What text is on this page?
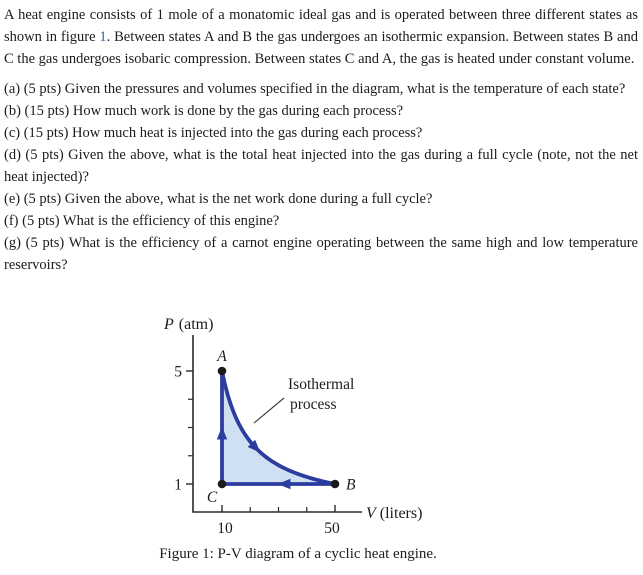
A heat engine consists of 1 mole of a monatomic ideal gas and is operated between three different states as shown in figure 1. Between states A and B the gas undergoes an isothermic expansion. Between states B and C the gas undergoes isobaric compression. Between states C and A, the gas is heated under constant volume.

(a) (5 pts) Given the pressures and volumes specified in the diagram, what is the temperature of each state?

(b) (15 pts) How much work is done by the gas during each process?

(c) (15 pts) How much heat is injected into the gas during each process?

(d) (5 pts) Given the above, what is the total heat injected into the gas during a full cycle (note, not the net heat injected)?

(e) (5 pts) Given the above, what is the net work done during a full cycle?

(f) (5 pts) What is the efficiency of this engine?

(g) (5 pts) What is the efficiency of a carnot engine operating between the same high and low temperature reservoirs?

5
1
10	50
A
B
C
P (atm)
V (liters)
Isothermal
process
Figure 1: P-V diagram of a cyclic heat engine.
